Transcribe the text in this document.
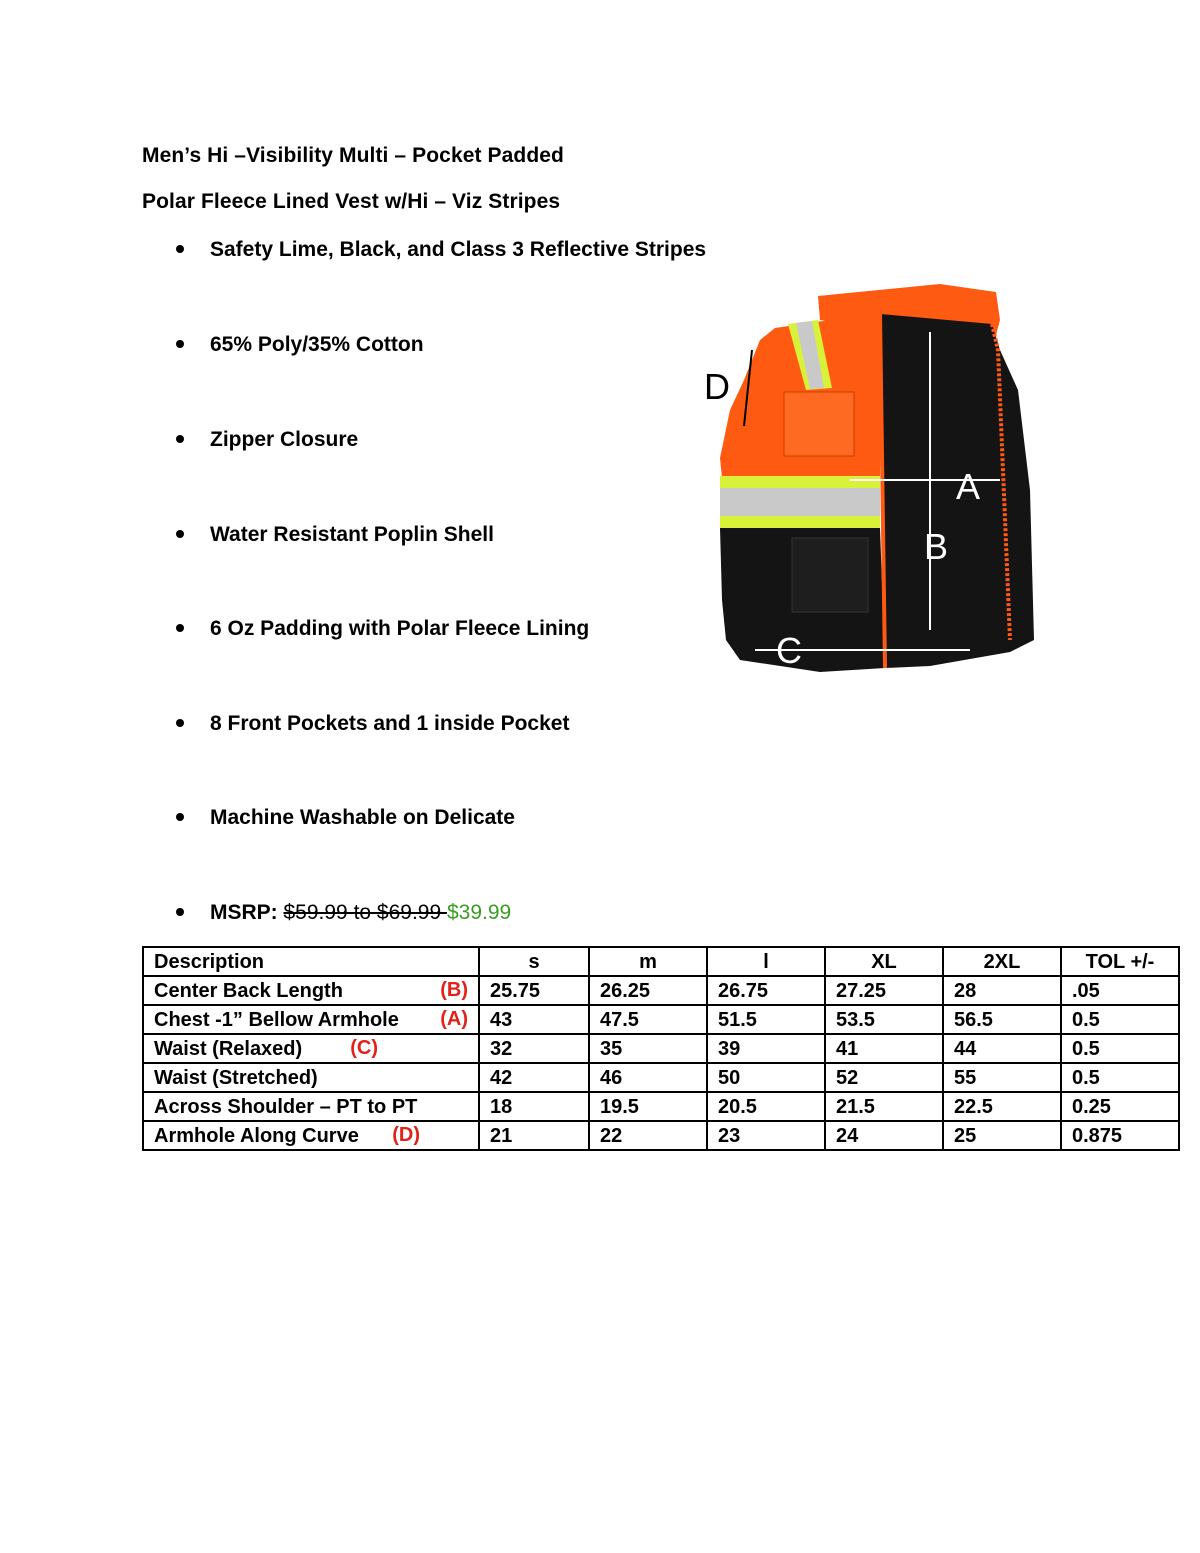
Men’s Hi –Visibility Multi – Pocket Padded
Polar Fleece Lined Vest w/Hi – Viz Stripes
Safety Lime, Black, and Class 3 Reflective Stripes
65% Poly/35% Cotton
Zipper Closure
Water Resistant Poplin Shell
6 Oz Padding with Polar Fleece Lining
8 Front Pockets and 1 inside Pocket
Machine Washable on Delicate
MSRP: $59.99 to $69.99 $39.99
D
A
B
C
Description	s	m	l	XL	2XL	TOL +/-
Center Back Length (B)	25.75	26.25	26.75	27.25	28	.05
Chest -1” Bellow Armhole (A)	43	47.5	51.5	53.5	56.5	0.5
Waist (Relaxed) (C)	32	35	39	41	44	0.5
Waist (Stretched)	42	46	50	52	55	0.5
Across Shoulder – PT to PT	18	19.5	20.5	21.5	22.5	0.25
Armhole Along Curve (D)	21	22	23	24	25	0.875
